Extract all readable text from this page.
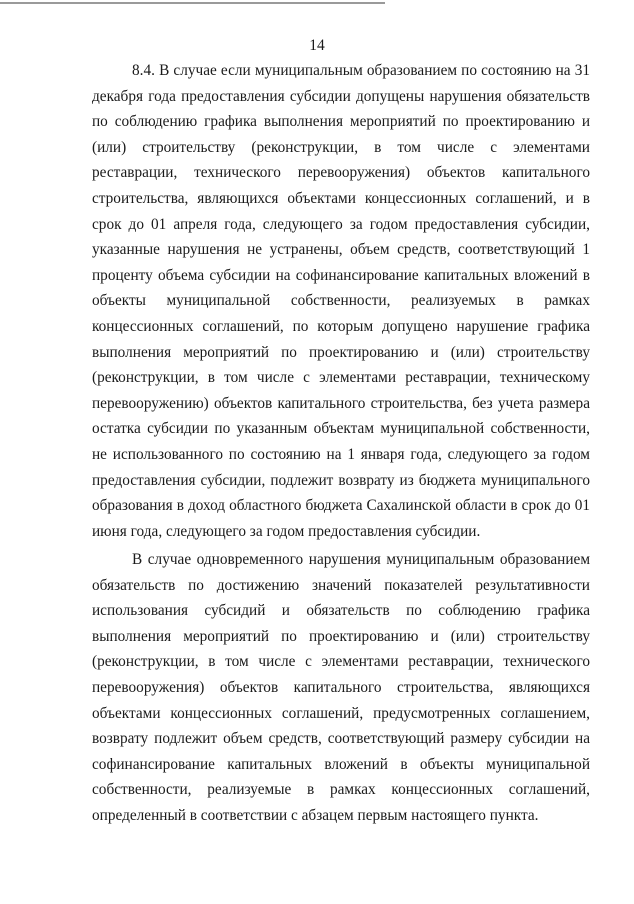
14

8.4. В случае если муниципальным образованием по состоянию на 31 декабря года предоставления субсидии допущены нарушения обязательств по соблюдению графика выполнения мероприятий по проектированию и (или) строительству (реконструкции, в том числе с элементами реставрации, технического перевооружения) объектов капитального строительства, являющихся объектами концессионных соглашений, и в срок до 01 апреля года, следующего за годом предоставления субсидии, указанные нарушения не устранены, объем средств, соответствующий 1 проценту объема субсидии на софинансирование капитальных вложений в объекты муниципальной собственности, реализуемых в рамках концессионных соглашений, по которым допущено нарушение графика выполнения мероприятий по проектированию и (или) строительству (реконструкции, в том числе с элементами реставрации, техническому перевооружению) объектов капитального строительства, без учета размера остатка субсидии по указанным объектам муниципальной собственности, не использованного по состоянию на 1 января года, следующего за годом предоставления субсидии, подлежит возврату из бюджета муниципального образования в доход областного бюджета Сахалинской области в срок до 01 июня года, следующего за годом предоставления субсидии.

В случае одновременного нарушения муниципальным образованием обязательств по достижению значений показателей результативности использования субсидий и обязательств по соблюдению графика выполнения мероприятий по проектированию и (или) строительству (реконструкции, в том числе с элементами реставрации, технического перевооружения) объектов капитального строительства, являющихся объектами концессионных соглашений, предусмотренных соглашением, возврату подлежит объем средств, соответствующий размеру субсидии на софинансирование капитальных вложений в объекты муниципальной собственности, реализуемые в рамках концессионных соглашений, определенный в соответствии с абзацем первым настоящего пункта.
